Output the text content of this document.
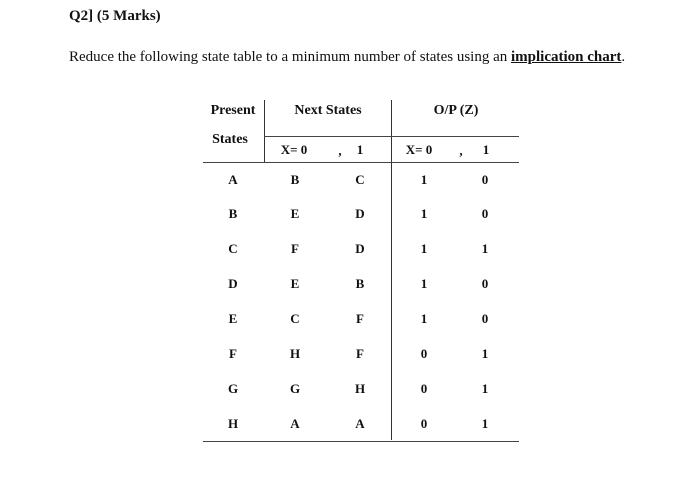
Q2] (5 Marks)
Reduce the following state table to a minimum number of states using an implication chart.
Present
States
Next States	O/P (Z)
X= 0 , 1	X= 0 , 1
A	B	C	1	0
B	E	D	1	0
C	F	D	1	1
D	E	B	1	0
E	C	F	1	0
F	H	F	0	1
G	G	H	0	1
H	A	A	0	1
